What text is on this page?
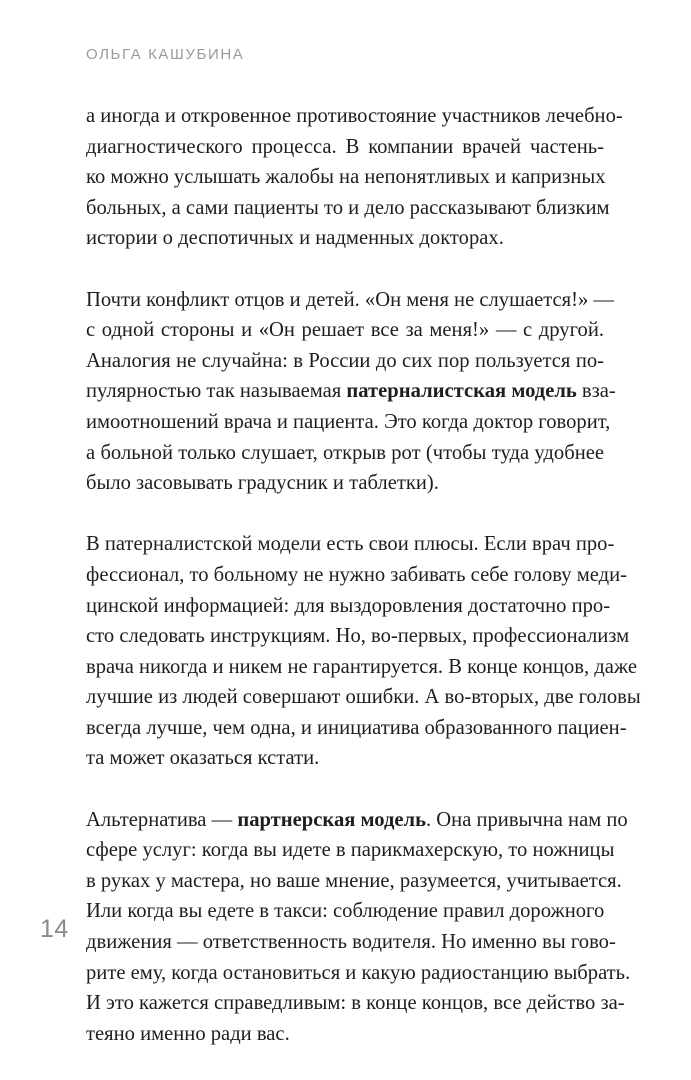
ОЛЬГА КАШУБИНА

а иногда и откровенное противостояние участников лечебно-
диагностического процесса. В компании врачей частень-
ко можно услышать жалобы на непонятливых и капризных
больных, а сами пациенты то и дело рассказывают близким
истории о деспотичных и надменных докторах.

Почти конфликт отцов и детей. «Он меня не слушается!» —
с одной стороны и «Он решает все за меня!» — с другой.
Аналогия не случайна: в России до сих пор пользуется по-
пулярностью так называемая патерналистская модель вза-
имоотношений врача и пациента. Это когда доктор говорит,
а больной только слушает, открыв рот (чтобы туда удобнее
было засовывать градусник и таблетки).

В патерналистской модели есть свои плюсы. Если врач про-
фессионал, то больному не нужно забивать себе голову меди-
цинской информацией: для выздоровления достаточно про-
сто следовать инструкциям. Но, во-первых, профессионализм
врача никогда и никем не гарантируется. В конце концов, даже
лучшие из людей совершают ошибки. А во-вторых, две головы
всегда лучше, чем одна, и инициатива образованного пациен-
та может оказаться кстати.

Альтернатива — партнерская модель. Она привычна нам по
сфере услуг: когда вы идете в парикмахерскую, то ножницы
в руках у мастера, но ваше мнение, разумеется, учитывается.
Или когда вы едете в такси: соблюдение правил дорожного
движения — ответственность водителя. Но именно вы гово-
рите ему, когда остановиться и какую радиостанцию выбрать.
И это кажется справедливым: в конце концов, все действо за-
теяно именно ради вас.

14
